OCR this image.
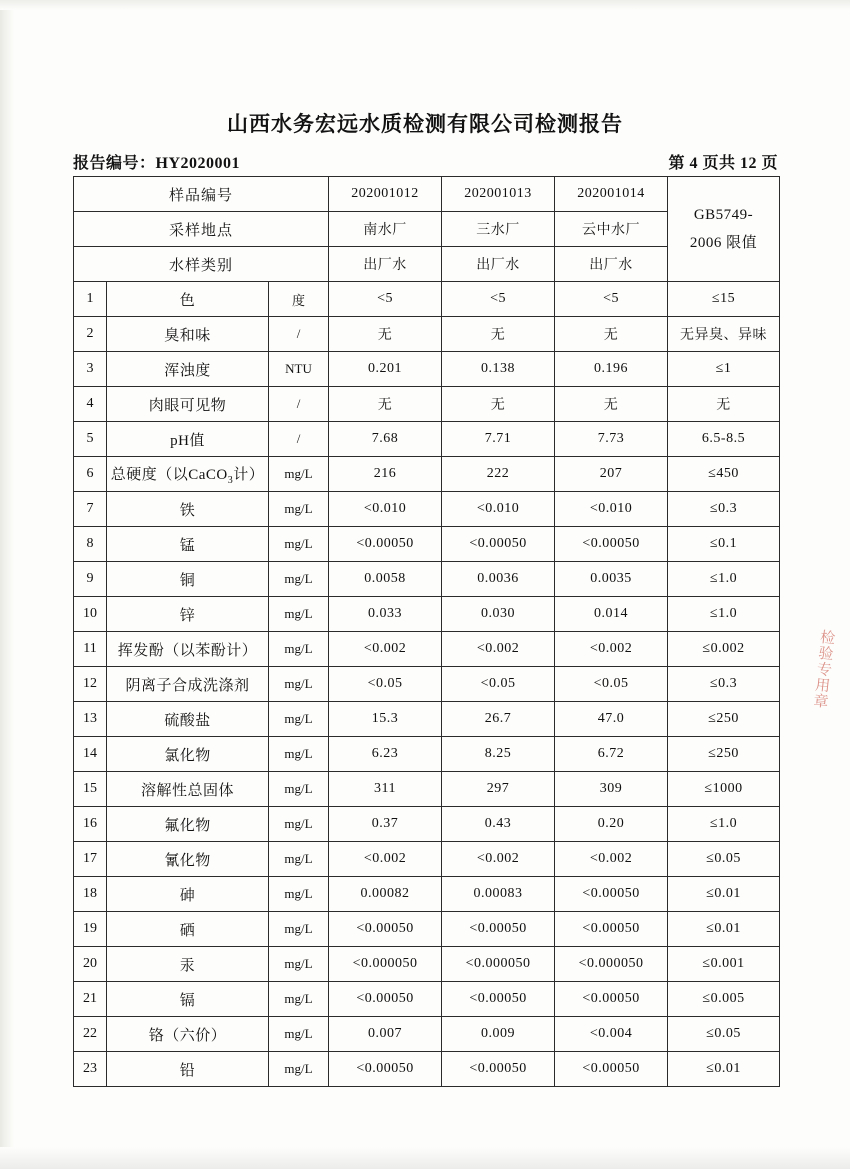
山西水务宏远水质检测有限公司检测报告
报告编号：HY2020001	第 4 页共 12 页
样品编号			202001012	202001013	202001014	GB5749-
2006 限值
采样地点			南水厂	三水厂	云中水厂	
水样类别			出厂水	出厂水	出厂水	
1	色	度	<5	<5	<5	≤15
2	臭和味	/	无	无	无	无异臭、异味
3	浑浊度	NTU	0.201	0.138	0.196	≤1
4	肉眼可见物	/	无	无	无	无
5	pH值	/	7.68	7.71	7.73	6.5-8.5
6	总硬度（以CaCO$_3$计）	mg/L	216	222	207	≤450
7	铁	mg/L	<0.010	<0.010	<0.010	≤0.3
8	锰	mg/L	<0.00050	<0.00050	<0.00050	≤0.1
9	铜	mg/L	0.0058	0.0036	0.0035	≤1.0
10	锌	mg/L	0.033	0.030	0.014	≤1.0
11	挥发酚（以苯酚计）	mg/L	<0.002	<0.002	<0.002	≤0.002
12	阴离子合成洗涤剂	mg/L	<0.05	<0.05	<0.05	≤0.3
13	硫酸盐	mg/L	15.3	26.7	47.0	≤250
14	氯化物	mg/L	6.23	8.25	6.72	≤250
15	溶解性总固体	mg/L	311	297	309	≤1000
16	氟化物	mg/L	0.37	0.43	0.20	≤1.0
17	氰化物	mg/L	<0.002	<0.002	<0.002	≤0.05
18	砷	mg/L	0.00082	0.00083	<0.00050	≤0.01
19	硒	mg/L	<0.00050	<0.00050	<0.00050	≤0.01
20	汞	mg/L	<0.000050	<0.000050	<0.000050	≤0.001
21	镉	mg/L	<0.00050	<0.00050	<0.00050	≤0.005
22	铬（六价）	mg/L	0.007	0.009	<0.004	≤0.05
23	铅	mg/L	<0.00050	<0.00050	<0.00050	≤0.01
检验专用章
